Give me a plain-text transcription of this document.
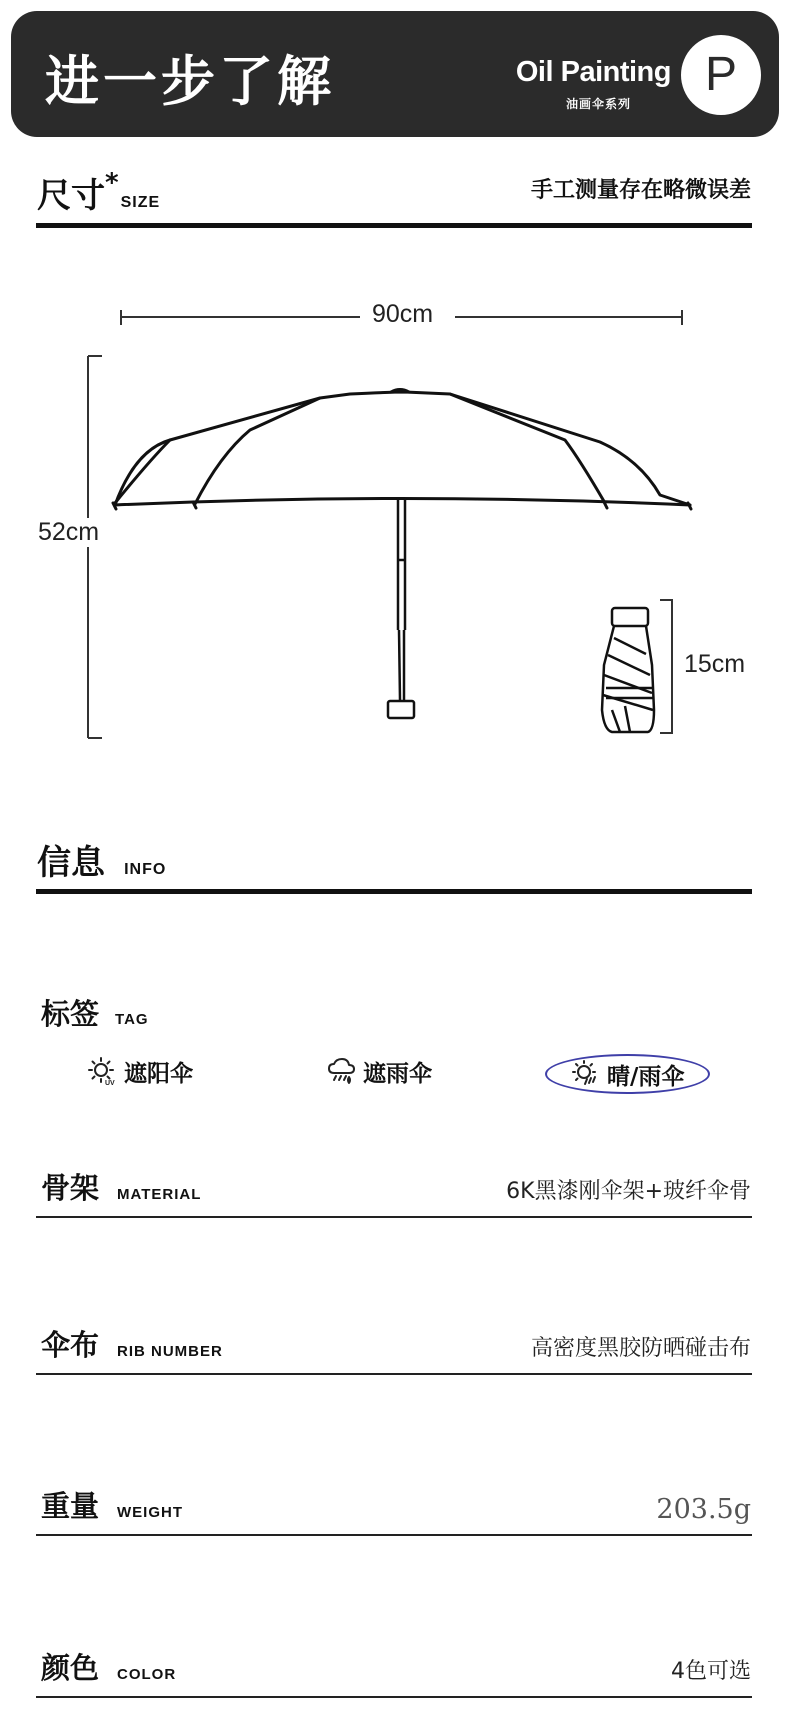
进一步了解	Oil Painting
油画伞系列
P
尺寸*SIZE	手工测量存在略微误差
90cm
52cm
15cm
信息 INFO
标签 TAG
UV 遮阳伞	遮雨伞	晴/雨伞
骨架 MATERIAL	6K黑漆刚伞架+玻纤伞骨
伞布 RIB NUMBER	高密度黑胶防晒碰击布
重量 WEIGHT	203.5g
颜色 COLOR	4色可选
